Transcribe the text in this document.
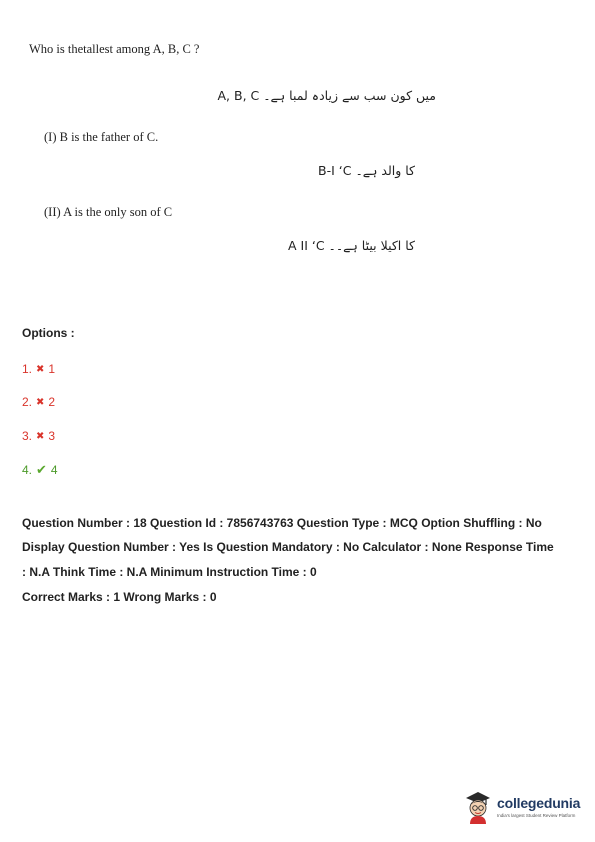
Who is thetallest among A, B, C ?
A, B, C میں کون سب سے زیادہ لمبا ہے۔
(I) B is the father of C.
B-I ‘C کا والد ہے۔
(II) A is the only son of C
A II ‘C کا اکیلا بیٹا ہے۔۔
Options :
1. ✖ 1
2. ✖ 2
3. ✖ 3
4. ✔ 4
Question Number : 18 Question Id : 7856743763 Question Type : MCQ Option Shuffling : No
Display Question Number : Yes Is Question Mandatory : No Calculator : None Response Time
: N.A Think Time : N.A Minimum Instruction Time : 0
Correct Marks : 1 Wrong Marks : 0
collegedunia
India's largest Student Review Platform
